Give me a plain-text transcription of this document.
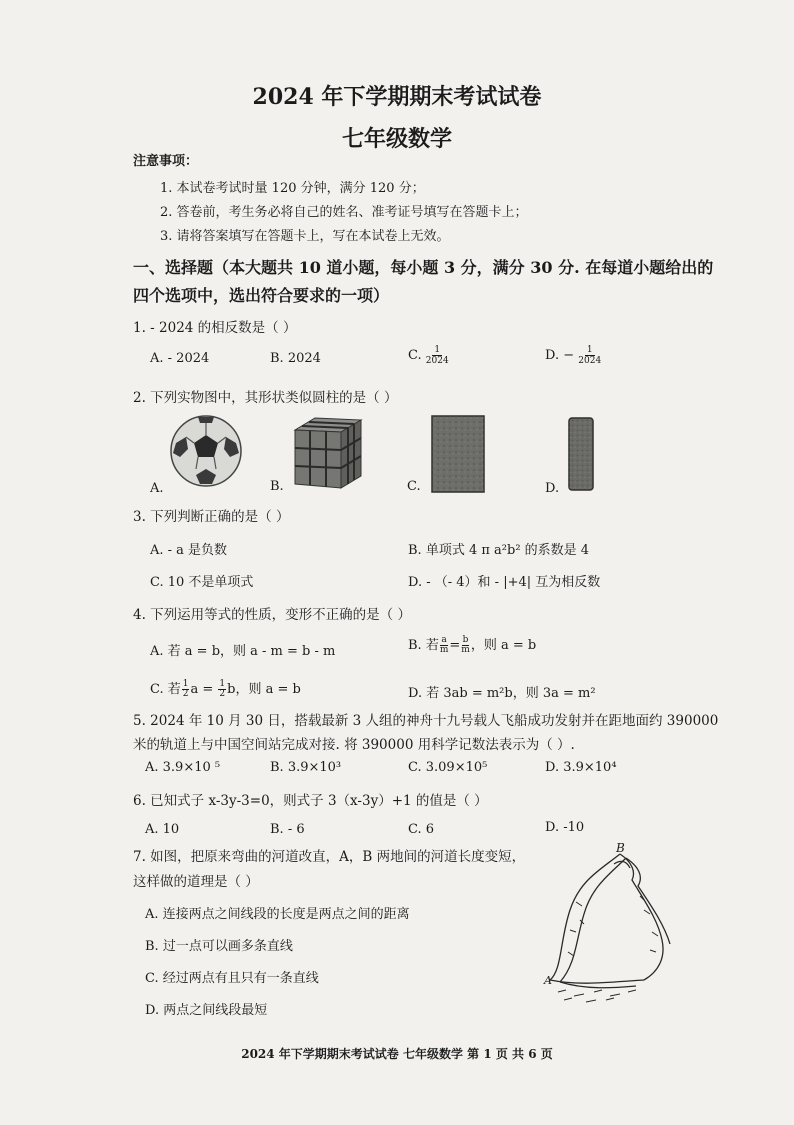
2024 年下学期期末考试试卷
七年级数学
注意事项：
1. 本试卷考试时量 120 分钟，满分 120 分；
2. 答卷前，考生务必将自己的姓名、准考证号填写在答题卡上；
3. 请将答案填写在答题卡上，写在本试卷上无效。
一、选择题（本大题共 10 道小题，每小题 3 分，满分 30 分. 在每道小题给出的
四个选项中，选出符合要求的一项）
1. - 2024 的相反数是（ ）
A. - 2024	B. 2024	C. $\frac{1}{2024}$	D. − $\frac{1}{2024}$
2. 下列实物图中，其形状类似圆柱的是（ ）
A.	B.	C.	D.
3. 下列判断正确的是（ ）
A. - a 是负数	B. 单项式 4 π a²b² 的系数是 4
C. 10 不是单项式	D. - （- 4）和 - |+4| 互为相反数
4. 下列运用等式的性质，变形不正确的是（ ）
A. 若 a = b，则 a - m = b - m	B. 若 $\frac{a}{m} = \frac{b}{m}$ ，则 a = b
C. 若 $\frac{1}{2}$ $a = \frac{1}{2}$ b，则 a = b	D. 若 3ab = m²b，则 3a = m²
5. 2024 年 10 月 30 日，搭载最新 3 人组的神舟十九号载人飞船成功发射并在距地面约 390000
米的轨道上与中国空间站完成对接. 将 390000 用科学记数法表示为（ ）.
A. 3.9×10 ⁵	B. 3.9×10³	C. 3.09×10⁵	D. 3.9×10⁴
6. 已知式子 x-3y-3=0，则式子 3（x-3y）+1 的值是（ ）
A. 10	B. - 6	C. 6	D. -10
7. 如图，把原来弯曲的河道改直，A，B 两地间的河道长度变短，
这样做的道理是（ ）
A. 连接两点之间线段的长度是两点之间的距离
B. 过一点可以画多条直线
C. 经过两点有且只有一条直线
D. 两点之间线段最短
B
A
2024 年下学期期末考试试卷 七年级数学 第 1 页 共 6 页
